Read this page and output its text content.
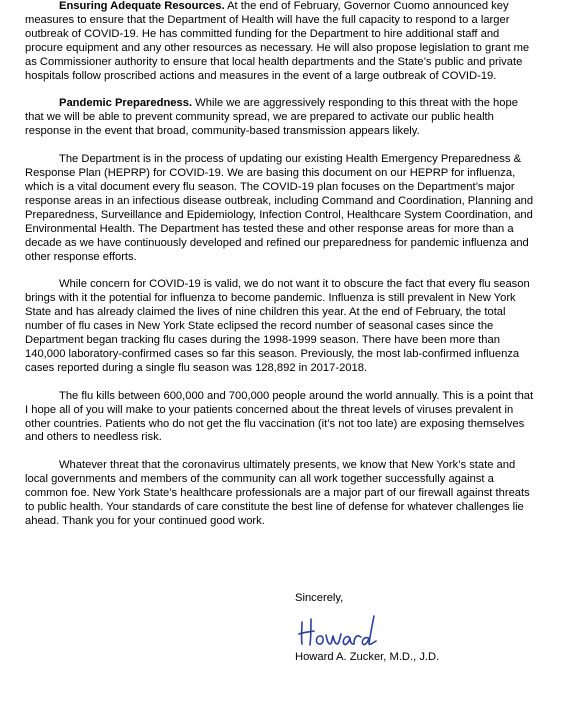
Ensuring Adequate Resources. At the end of February, Governor Cuomo announced key measures to ensure that the Department of Health will have the full capacity to respond to a larger outbreak of COVID-19. He has committed funding for the Department to hire additional staff and procure equipment and any other resources as necessary. He will also propose legislation to grant me as Commissioner authority to ensure that local health departments and the State’s public and private hospitals follow proscribed actions and measures in the event of a large outbreak of COVID-19.

Pandemic Preparedness. While we are aggressively responding to this threat with the hope that we will be able to prevent community spread, we are prepared to activate our public health response in the event that broad, community-based transmission appears likely.

The Department is in the process of updating our existing Health Emergency Preparedness & Response Plan (HEPRP) for COVID-19. We are basing this document on our HEPRP for influenza, which is a vital document every flu season. The COVID-19 plan focuses on the Department’s major response areas in an infectious disease outbreak, including Command and Coordination, Planning and Preparedness, Surveillance and Epidemiology, Infection Control, Healthcare System Coordination, and Environmental Health. The Department has tested these and other response areas for more than a decade as we have continuously developed and refined our preparedness for pandemic influenza and other response efforts.

While concern for COVID-19 is valid, we do not want it to obscure the fact that every flu season brings with it the potential for influenza to become pandemic. Influenza is still prevalent in New York State and has already claimed the lives of nine children this year. At the end of February, the total number of flu cases in New York State eclipsed the record number of seasonal cases since the Department began tracking flu cases during the 1998-1999 season. There have been more than 140,000 laboratory-confirmed cases so far this season. Previously, the most lab-confirmed influenza cases reported during a single flu season was 128,892 in 2017-2018.

The flu kills between 600,000 and 700,000 people around the world annually. This is a point that I hope all of you will make to your patients concerned about the threat levels of viruses prevalent in other countries. Patients who do not get the flu vaccination (it’s not too late) are exposing themselves and others to needless risk.

Whatever threat that the coronavirus ultimately presents, we know that New York’s state and local governments and members of the community can all work together successfully against a common foe. New York State’s healthcare professionals are a major part of our firewall against threats to public health. Your standards of care constitute the best line of defense for whatever challenges lie ahead. Thank you for your continued good work.

Sincerely,
Howard A. Zucker, M.D., J.D.
